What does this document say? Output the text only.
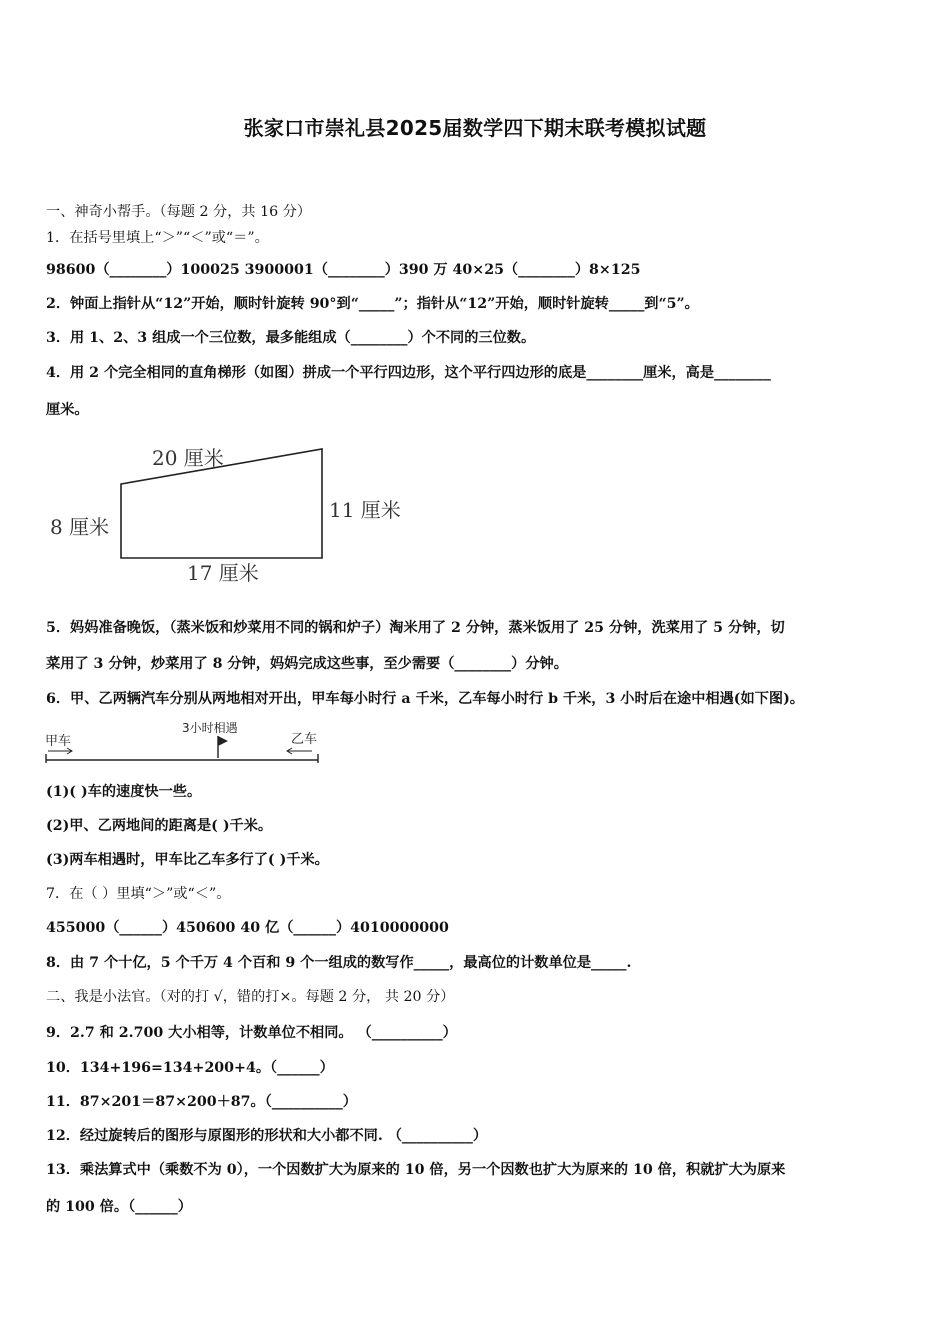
张家口市崇礼县2025届数学四下期末联考模拟试题
一、神奇小帮手。（每题 2 分，共 16 分）
1．在括号里填上“＞”“＜”或“＝”。
98600（________）100025 3900001（________）390 万 40×25（________）8×125
2．钟面上指针从“12”开始，顺时针旋转 90°到“_____”；指针从“12”开始，顺时针旋转_____到“5”。
3．用 1、2、3 组成一个三位数，最多能组成（________）个不同的三位数。
4．用 2 个完全相同的直角梯形（如图）拼成一个平行四边形，这个平行四边形的底是________厘米，高是________
厘米。
20 厘米
8 厘米
11 厘米
17 厘米
5．妈妈准备晚饭，（蒸米饭和炒菜用不同的锅和炉子）淘米用了 2 分钟，蒸米饭用了 25 分钟，洗菜用了 5 分钟，切
菜用了 3 分钟，炒菜用了 8 分钟，妈妈完成这些事，至少需要（________）分钟。
6．甲、乙两辆汽车分别从两地相对开出，甲车每小时行 a 千米，乙车每小时行 b 千米，3 小时后在途中相遇(如下图)。
甲车
3小时相遇
乙车
(1)( )车的速度快一些。
(2)甲、乙两地间的距离是( )千米。
(3)两车相遇时，甲车比乙车多行了( )千米。
7．在（ ）里填“＞”或“＜”。
455000（______）450600 40 亿（______）4010000000
8．由 7 个十亿，5 个千万 4 个百和 9 个一组成的数写作_____，最高位的计数单位是_____.
二、我是小法官。（对的打 √，错的打×。每题 2 分， 共 20 分）
9．2.7 和 2.700 大小相等，计数单位不相同。 （__________）
10．134+196=134+200+4。（______）
11．87×201＝87×200＋87。（__________）
12．经过旋转后的图形与原图形的形状和大小都不同. （__________）
13．乘法算式中（乘数不为 0），一个因数扩大为原来的 10 倍，另一个因数也扩大为原来的 10 倍，积就扩大为原来
的 100 倍。（______）
